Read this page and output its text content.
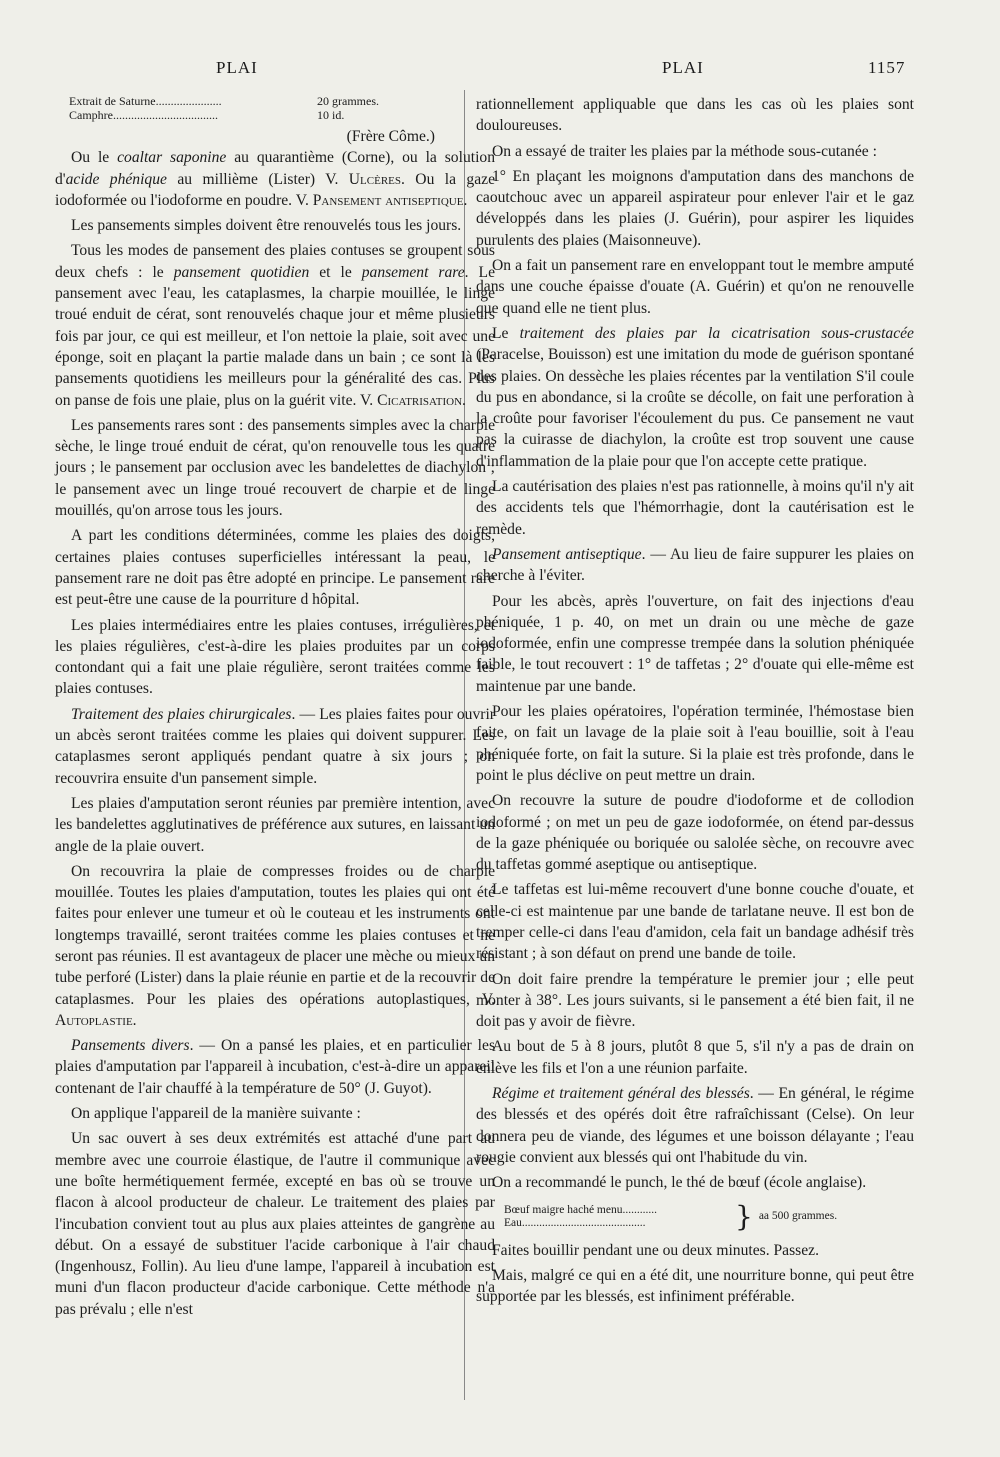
PLAI	PLAI	1157
Extrait de Saturne......................	20 grammes.
Camphre...................................	10 id.
(Frère Côme.)

Ou le coaltar saponine au quarantième (Corne), ou la solution d'acide phénique au millième (Lister) V. Ulcères. Ou la gaze iodoformée ou l'iodoforme en poudre. V. Pansement antiseptique.

Les pansements simples doivent être renouvelés tous les jours.

Tous les modes de pansement des plaies contuses se groupent sous deux chefs : le pansement quotidien et le pansement rare. Le pansement avec l'eau, les cataplasmes, la charpie mouillée, le linge troué enduit de cérat, sont renouvelés chaque jour et même plusieurs fois par jour, ce qui est meilleur, et l'on nettoie la plaie, soit avec une éponge, soit en plaçant la partie malade dans un bain ; ce sont là les pansements quotidiens les meilleurs pour la généralité des cas. Plus on panse de fois une plaie, plus on la guérit vite. V. Cicatrisation.

Les pansements rares sont : des pansements simples avec la charpie sèche, le linge troué enduit de cérat, qu'on renouvelle tous les quatre jours ; le pansement par occlusion avec les bandelettes de diachylon ; le pansement avec un linge troué recouvert de charpie et de linge mouillés, qu'on arrose tous les jours.

A part les conditions déterminées, comme les plaies des doigts, certaines plaies contuses superficielles intéressant la peau, le pansement rare ne doit pas être adopté en principe. Le pansement rare est peut-être une cause de la pourriture d hôpital.

Les plaies intermédiaires entre les plaies contuses, irrégulières, et les plaies régulières, c'est-à-dire les plaies produites par un corps contondant qui a fait une plaie régulière, seront traitées comme les plaies contuses.

Traitement des plaies chirurgicales. — Les plaies faites pour ouvrir un abcès seront traitées comme les plaies qui doivent suppurer. Les cataplasmes seront appliqués pendant quatre à six jours ; on recouvrira ensuite d'un pansement simple.

Les plaies d'amputation seront réunies par première intention, avec les bandelettes agglutinatives de préférence aux sutures, en laissant un angle de la plaie ouvert.

On recouvrira la plaie de compresses froides ou de charpie mouillée. Toutes les plaies d'amputation, toutes les plaies qui ont été faites pour enlever une tumeur et où le couteau et les instruments ont longtemps travaillé, seront traitées comme les plaies contuses et ne seront pas réunies. Il est avantageux de placer une mèche ou mieux un tube perforé (Lister) dans la plaie réunie en partie et de la recouvrir de cataplasmes. Pour les plaies des opérations autoplastiques, V. Autoplastie.

Pansements divers. — On a pansé les plaies, et en particulier les plaies d'amputation par l'appareil à incubation, c'est-à-dire un appareil contenant de l'air chauffé à la température de 50° (J. Guyot).

On applique l'appareil de la manière suivante :

Un sac ouvert à ses deux extrémités est attaché d'une part au membre avec une courroie élastique, de l'autre il communique avec une boîte hermétiquement fermée, excepté en bas où se trouve un flacon à alcool producteur de chaleur. Le traitement des plaies par l'incubation convient tout au plus aux plaies atteintes de gangrène au début. On a essayé de substituer l'acide carbonique à l'air chaud (Ingenhousz, Follin). Au lieu d'une lampe, l'appareil à incubation est muni d'un flacon producteur d'acide carbonique. Cette méthode n'a pas prévalu ; elle n'est

rationnellement appliquable que dans les cas où les plaies sont douloureuses.

On a essayé de traiter les plaies par la méthode sous-cutanée :

1° En plaçant les moignons d'amputation dans des manchons de caoutchouc avec un appareil aspirateur pour enlever l'air et le gaz développés dans les plaies (J. Guérin), pour aspirer les liquides purulents des plaies (Maisonneuve).

On a fait un pansement rare en enveloppant tout le membre amputé dans une couche épaisse d'ouate (A. Guérin) et qu'on ne renouvelle que quand elle ne tient plus.

Le traitement des plaies par la cicatrisation sous-crustacée (Paracelse, Bouisson) est une imitation du mode de guérison spontané des plaies. On dessèche les plaies récentes par la ventilation S'il coule du pus en abondance, si la croûte se décolle, on fait une perforation à la croûte pour favoriser l'écoulement du pus. Ce pansement ne vaut pas la cuirasse de diachylon, la croûte est trop souvent une cause d'inflammation de la plaie pour que l'on accepte cette pratique.

La cautérisation des plaies n'est pas rationnelle, à moins qu'il n'y ait des accidents tels que l'hémorrhagie, dont la cautérisation est le remède.

Pansement antiseptique. — Au lieu de faire suppurer les plaies on cherche à l'éviter.

Pour les abcès, après l'ouverture, on fait des injections d'eau phéniquée, 1 p. 40, on met un drain ou une mèche de gaze iodoformée, enfin une compresse trempée dans la solution phéniquée faible, le tout recouvert : 1° de taffetas ; 2° d'ouate qui elle-même est maintenue par une bande.

Pour les plaies opératoires, l'opération terminée, l'hémostase bien faite, on fait un lavage de la plaie soit à l'eau bouillie, soit à l'eau phéniquée forte, on fait la suture. Si la plaie est très profonde, dans le point le plus déclive on peut mettre un drain.

On recouvre la suture de poudre d'iodoforme et de collodion iodoformé ; on met un peu de gaze iodoformée, on étend par-dessus de la gaze phéniquée ou boriquée ou salolée sèche, on recouvre avec du taffetas gommé aseptique ou antiseptique.

Le taffetas est lui-même recouvert d'une bonne couche d'ouate, et celle-ci est maintenue par une bande de tarlatane neuve. Il est bon de tremper celle-ci dans l'eau d'amidon, cela fait un bandage adhésif très résistant ; à son défaut on prend une bande de toile.

On doit faire prendre la température le premier jour ; elle peut monter à 38°. Les jours suivants, si le pansement a été bien fait, il ne doit pas y avoir de fièvre.

Au bout de 5 à 8 jours, plutôt 8 que 5, s'il n'y a pas de drain on enlève les fils et l'on a une réunion parfaite.

Régime et traitement général des blessés. — En général, le régime des blessés et des opérés doit être rafraîchissant (Celse). On leur donnera peu de viande, des légumes et une boisson délayante ; l'eau rougie convient aux blessés qui ont l'habitude du vin.

On a recommandé le punch, le thé de bœuf (école anglaise).

Bœuf maigre haché menu............
Eau...........................................	} aa 500 grammes.

Faites bouillir pendant une ou deux minutes. Passez.

Mais, malgré ce qui en a été dit, une nourriture bonne, qui peut être supportée par les blessés, est infiniment préférable.
